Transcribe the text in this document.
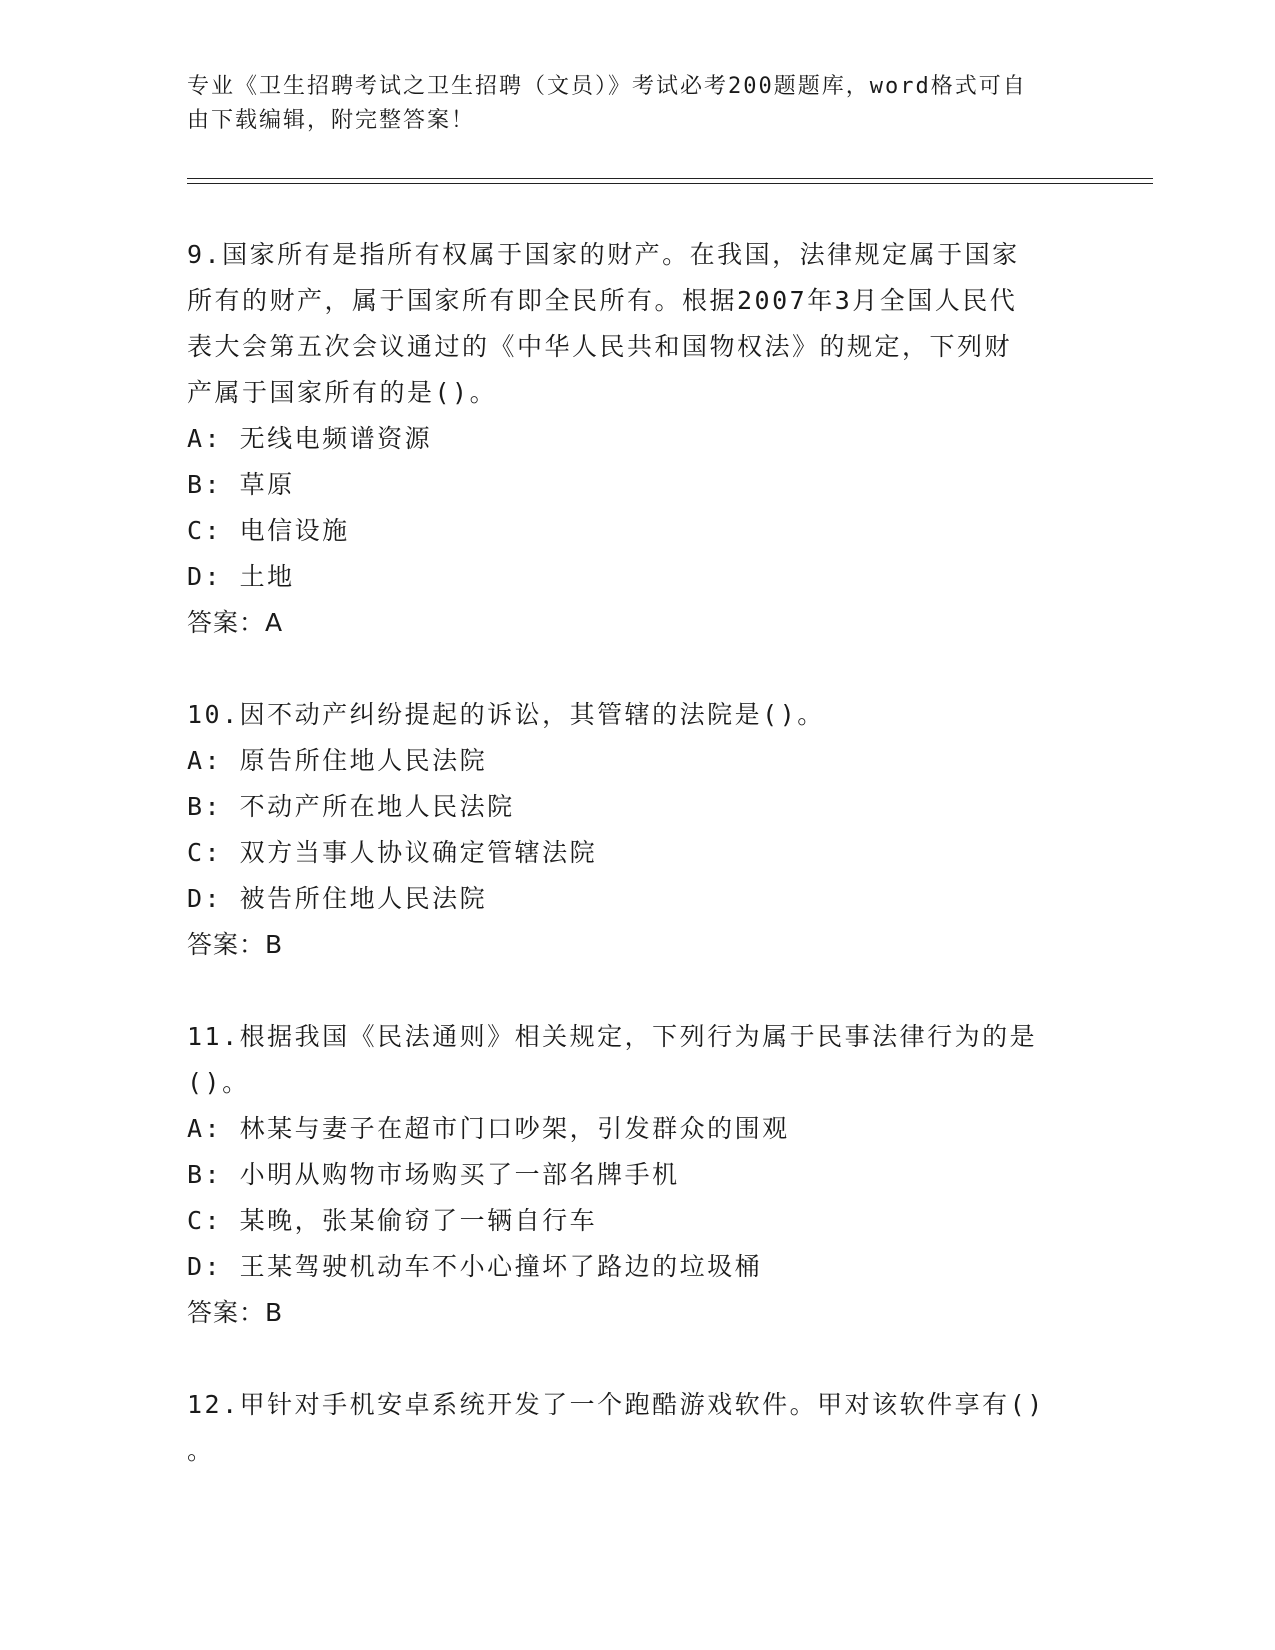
专业《卫生招聘考试之卫生招聘（文员）》考试必考200题题库，word格式可自
由下载编辑，附完整答案！

9.国家所有是指所有权属于国家的财产。在我国，法律规定属于国家

所有的财产，属于国家所有即全民所有。根据2007年3月全国人民代

表大会第五次会议通过的《中华人民共和国物权法》的规定，下列财

产属于国家所有的是()。

A: 无线电频谱资源

B: 草原

C: 电信设施

D: 土地

答案：A

10.因不动产纠纷提起的诉讼，其管辖的法院是()。

A: 原告所住地人民法院

B: 不动产所在地人民法院

C: 双方当事人协议确定管辖法院

D: 被告所住地人民法院

答案：B

11.根据我国《民法通则》相关规定，下列行为属于民事法律行为的是

()。

A: 林某与妻子在超市门口吵架，引发群众的围观

B: 小明从购物市场购买了一部名牌手机

C: 某晚，张某偷窃了一辆自行车

D: 王某驾驶机动车不小心撞坏了路边的垃圾桶

答案：B

12.甲针对手机安卓系统开发了一个跑酷游戏软件。甲对该软件享有()

。
